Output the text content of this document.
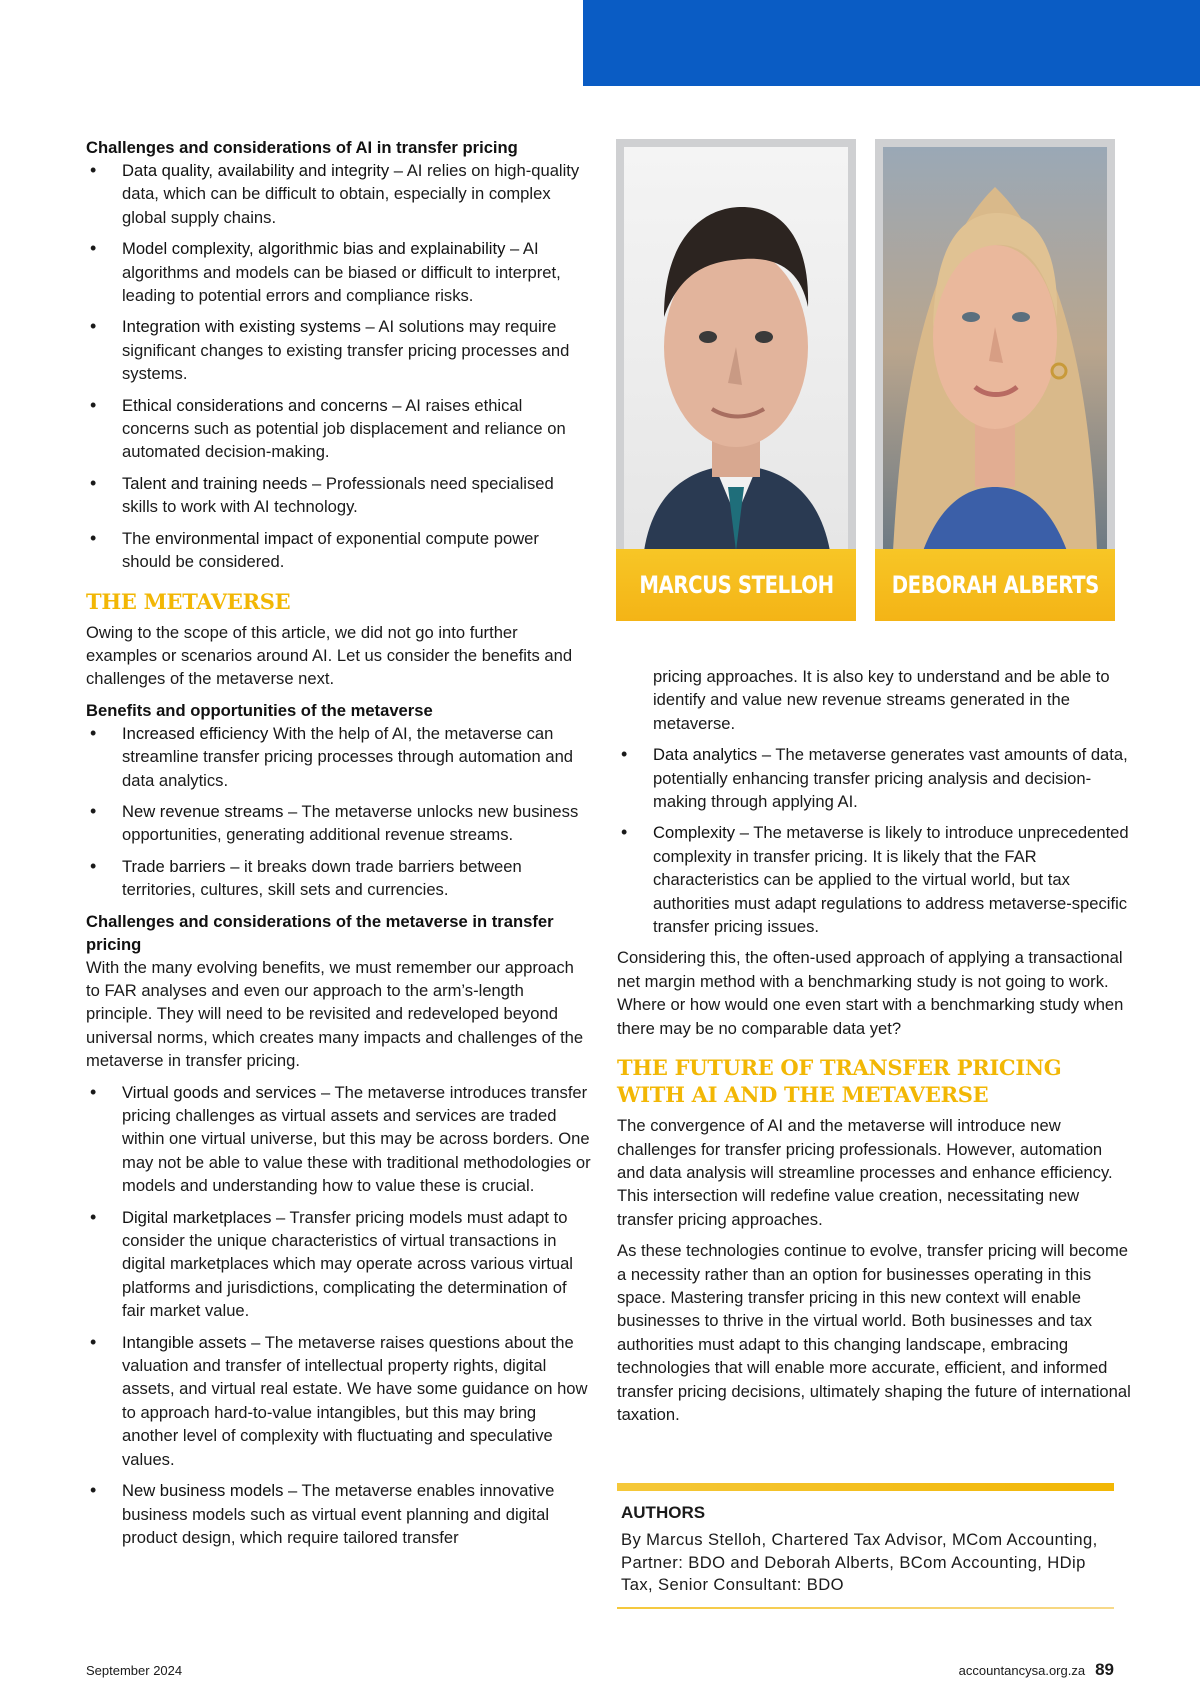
Challenges and considerations of AI in transfer pricing
• Data quality, availability and integrity – AI relies on high-quality data, which can be difficult to obtain, especially in complex global supply chains.
• Model complexity, algorithmic bias and explainability – AI algorithms and models can be biased or difficult to interpret, leading to potential errors and compliance risks.
• Integration with existing systems – AI solutions may require significant changes to existing transfer pricing processes and systems.
• Ethical considerations and concerns – AI raises ethical concerns such as potential job displacement and reliance on automated decision-making.
• Talent and training needs – Professionals need specialised skills to work with AI technology.
• The environmental impact of exponential compute power should be considered.
THE METAVERSE

Owing to the scope of this article, we did not go into further examples or scenarios around AI. Let us consider the benefits and challenges of the metaverse next.

Benefits and opportunities of the metaverse
• Increased efficiency With the help of AI, the metaverse can streamline transfer pricing processes through automation and data analytics.
• New revenue streams – The metaverse unlocks new business opportunities, generating additional revenue streams.
• Trade barriers – it breaks down trade barriers between territories, cultures, skill sets and currencies.
Challenges and considerations of the metaverse in transfer pricing

With the many evolving benefits, we must remember our approach to FAR analyses and even our approach to the arm’s-length principle. They will need to be revisited and redeveloped beyond universal norms, which creates many impacts and challenges of the metaverse in transfer pricing.

• Virtual goods and services – The metaverse introduces transfer pricing challenges as virtual assets and services are traded within one virtual universe, but this may be across borders. One may not be able to value these with traditional methodologies or models and understanding how to value these is crucial.
• Digital marketplaces – Transfer pricing models must adapt to consider the unique characteristics of virtual transactions in digital marketplaces which may operate across various virtual platforms and jurisdictions, complicating the determination of fair market value.
• Intangible assets – The metaverse raises questions about the valuation and transfer of intellectual property rights, digital assets, and virtual real estate. We have some guidance on how to approach hard-to-value intangibles, but this may bring another level of complexity with fluctuating and speculative values.
• New business models – The metaverse enables innovative business models such as virtual event planning and digital product design, which require tailored transfer
MARCUS STELLOH DEBORAH ALBERTS
pricing approaches. It is also key to understand and be able to identify and value new revenue streams generated in the metaverse.
• Data analytics – The metaverse generates vast amounts of data, potentially enhancing transfer pricing analysis and decision-making through applying AI.
• Complexity – The metaverse is likely to introduce unprecedented complexity in transfer pricing. It is likely that the FAR characteristics can be applied to the virtual world, but tax authorities must adapt regulations to address metaverse-specific transfer pricing issues.

Considering this, the often-used approach of applying a transactional net margin method with a benchmarking study is not going to work. Where or how would one even start with a benchmarking study when there may be no comparable data yet?

THE FUTURE OF TRANSFER PRICING WITH AI AND THE METAVERSE

The convergence of AI and the metaverse will introduce new challenges for transfer pricing professionals. However, automation and data analysis will streamline processes and enhance efficiency. This intersection will redefine value creation, necessitating new transfer pricing approaches.

As these technologies continue to evolve, transfer pricing will become a necessity rather than an option for businesses operating in this space. Mastering transfer pricing in this new context will enable businesses to thrive in the virtual world. Both businesses and tax authorities must adapt to this changing landscape, embracing technologies that will enable more accurate, efficient, and informed transfer pricing decisions, ultimately shaping the future of international taxation.

AUTHORS
By Marcus Stelloh, Chartered Tax Advisor, MCom Accounting, Partner: BDO and Deborah Alberts, BCom Accounting, HDip Tax, Senior Consultant: BDO
September 2024	accountancysa.org.za 89
